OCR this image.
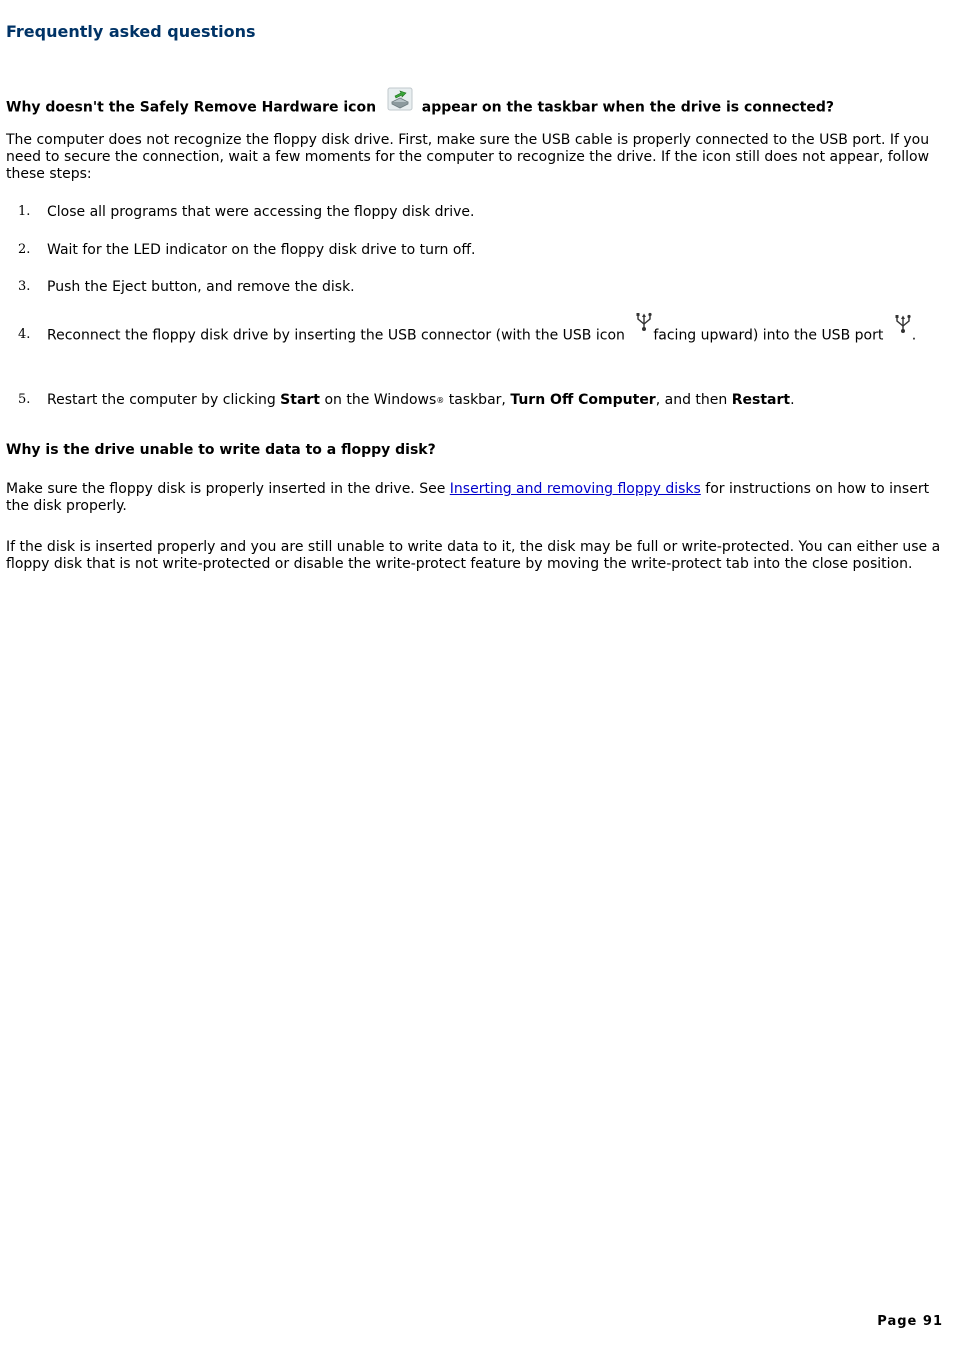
Frequently asked questions
Why doesn't the Safely Remove Hardware icon	appear on the taskbar when the drive is connected?

The computer does not recognize the floppy disk drive. First, make sure the USB cable is properly connected to the USB port. If you need to secure the connection, wait a few moments for the computer to recognize the drive. If the icon still does not appear, follow these steps:

1. Close all programs that were accessing the floppy disk drive.
2. Wait for the LED indicator on the floppy disk drive to turn off.
3. Push the Eject button, and remove the disk.
4. Reconnect the floppy disk drive by inserting the USB connector (with the USB icon facing upward) into the USB port .
5. Restart the computer by clicking Start on the Windows® taskbar, Turn Off Computer, and then Restart.
Why is the drive unable to write data to a floppy disk?

Make sure the floppy disk is properly inserted in the drive. See Inserting and removing floppy disks for instructions on how to insert the disk properly.

If the disk is inserted properly and you are still unable to write data to it, the disk may be full or write-protected. You can either use a floppy disk that is not write-protected or disable the write-protect feature by moving the write-protect tab into the close position.

Page 91
